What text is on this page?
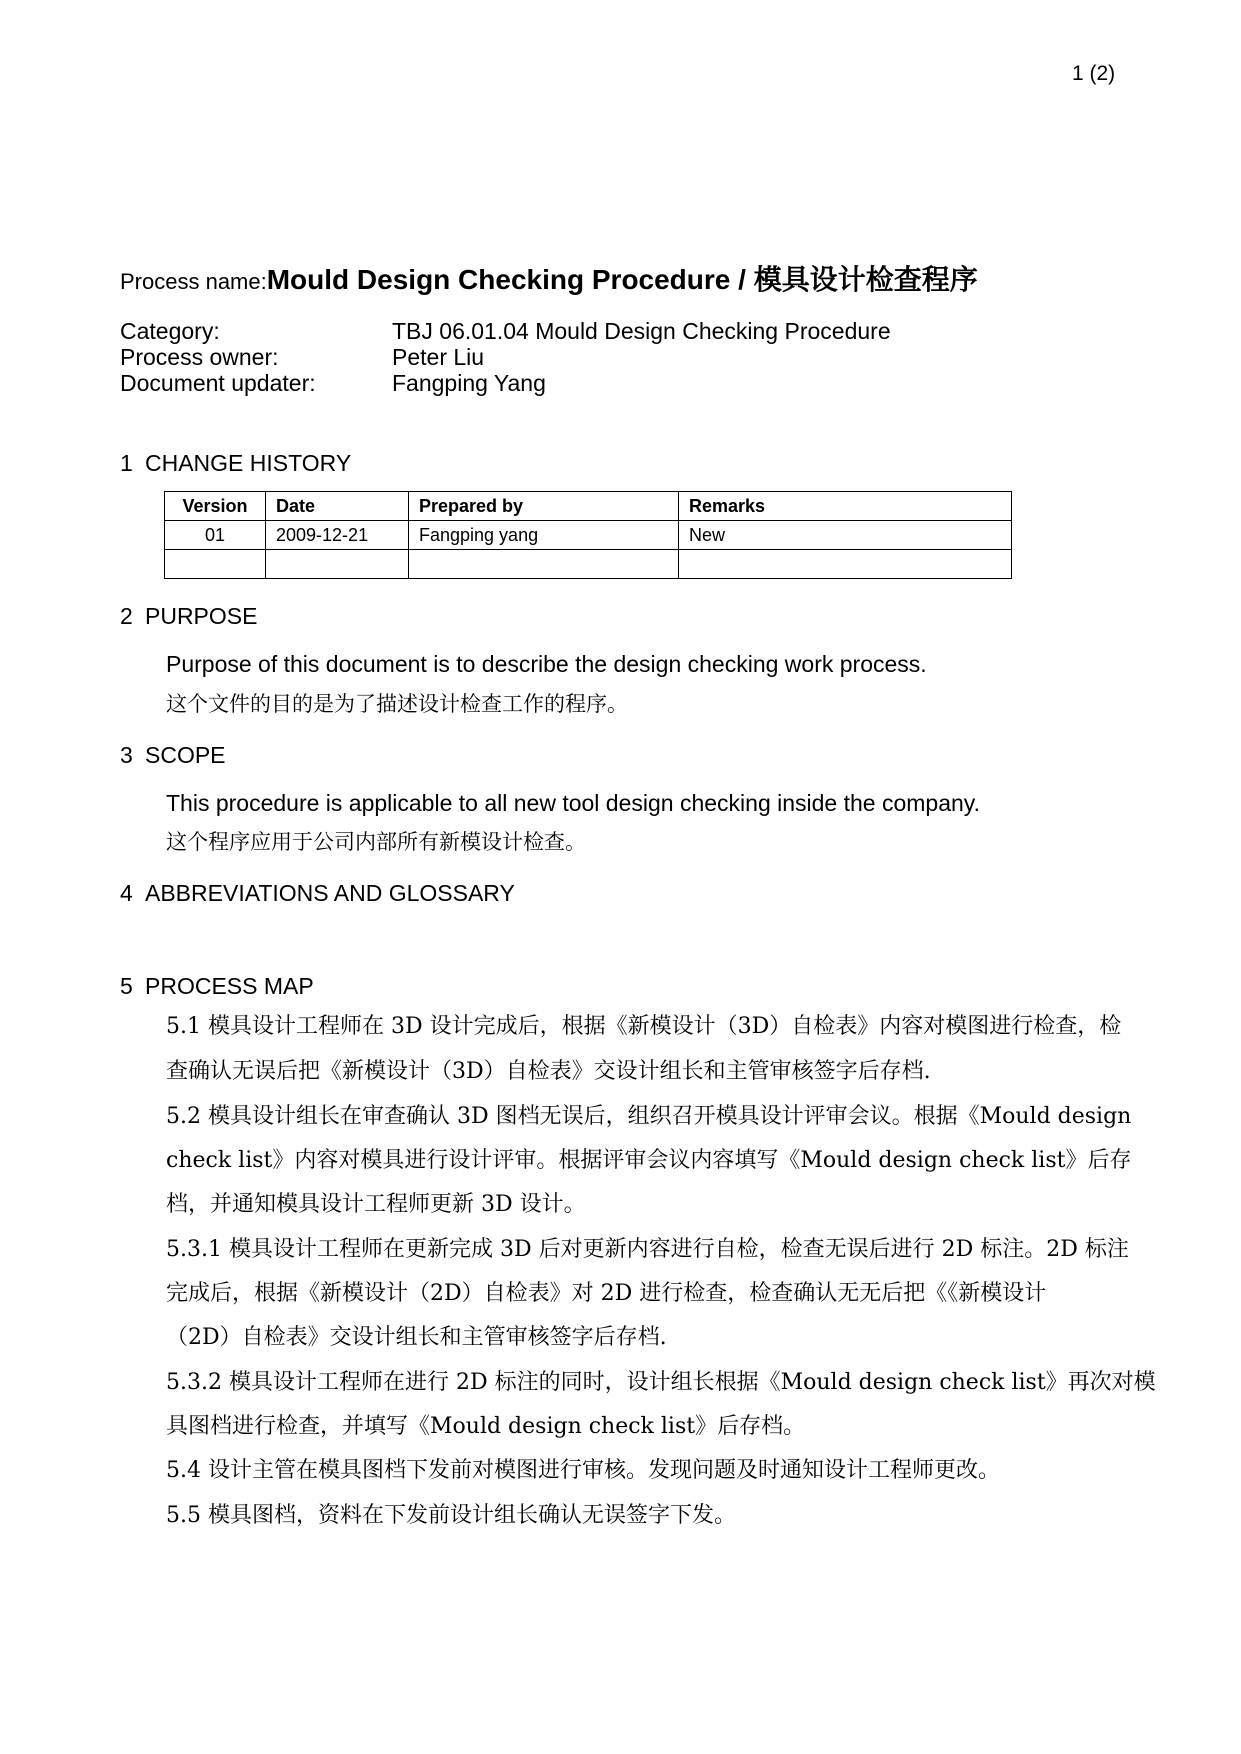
1 (2)
Process name:Mould Design Checking Procedure / 模具设计检查程序
Category:	TBJ 06.01.04 Mould Design Checking Procedure
Process owner:	Peter Liu
Document updater:	Fangping Yang
1 CHANGE HISTORY
Version	Date	Prepared by	Remarks
01	2009-12-21	Fangping yang	New

2 PURPOSE
Purpose of this document is to describe the design checking work process.
这个文件的目的是为了描述设计检查工作的程序。
3 SCOPE
This procedure is applicable to all new tool design checking inside the company.
这个程序应用于公司内部所有新模设计检查。
4 ABBREVIATIONS AND GLOSSARY
5 PROCESS MAP
5.1 模具设计工程师在 3D 设计完成后，根据《新模设计（3D）自检表》内容对模图进行检查，检
查确认无误后把《新模设计（3D）自检表》交设计组长和主管审核签字后存档.
5.2 模具设计组长在审查确认 3D 图档无误后，组织召开模具设计评审会议。根据《Mould design
check list》内容对模具进行设计评审。根据评审会议内容填写《Mould design check list》后存
档，并通知模具设计工程师更新 3D 设计。
5.3.1 模具设计工程师在更新完成 3D 后对更新内容进行自检，检查无误后进行 2D 标注。2D 标注
完成后，根据《新模设计（2D）自检表》对 2D 进行检查，检查确认无无后把《《新模设计
（2D）自检表》交设计组长和主管审核签字后存档.
5.3.2 模具设计工程师在进行 2D 标注的同时，设计组长根据《Mould design check list》再次对模
具图档进行检查，并填写《Mould design check list》后存档。
5.4 设计主管在模具图档下发前对模图进行审核。发现问题及时通知设计工程师更改。
5.5 模具图档，资料在下发前设计组长确认无误签字下发。
